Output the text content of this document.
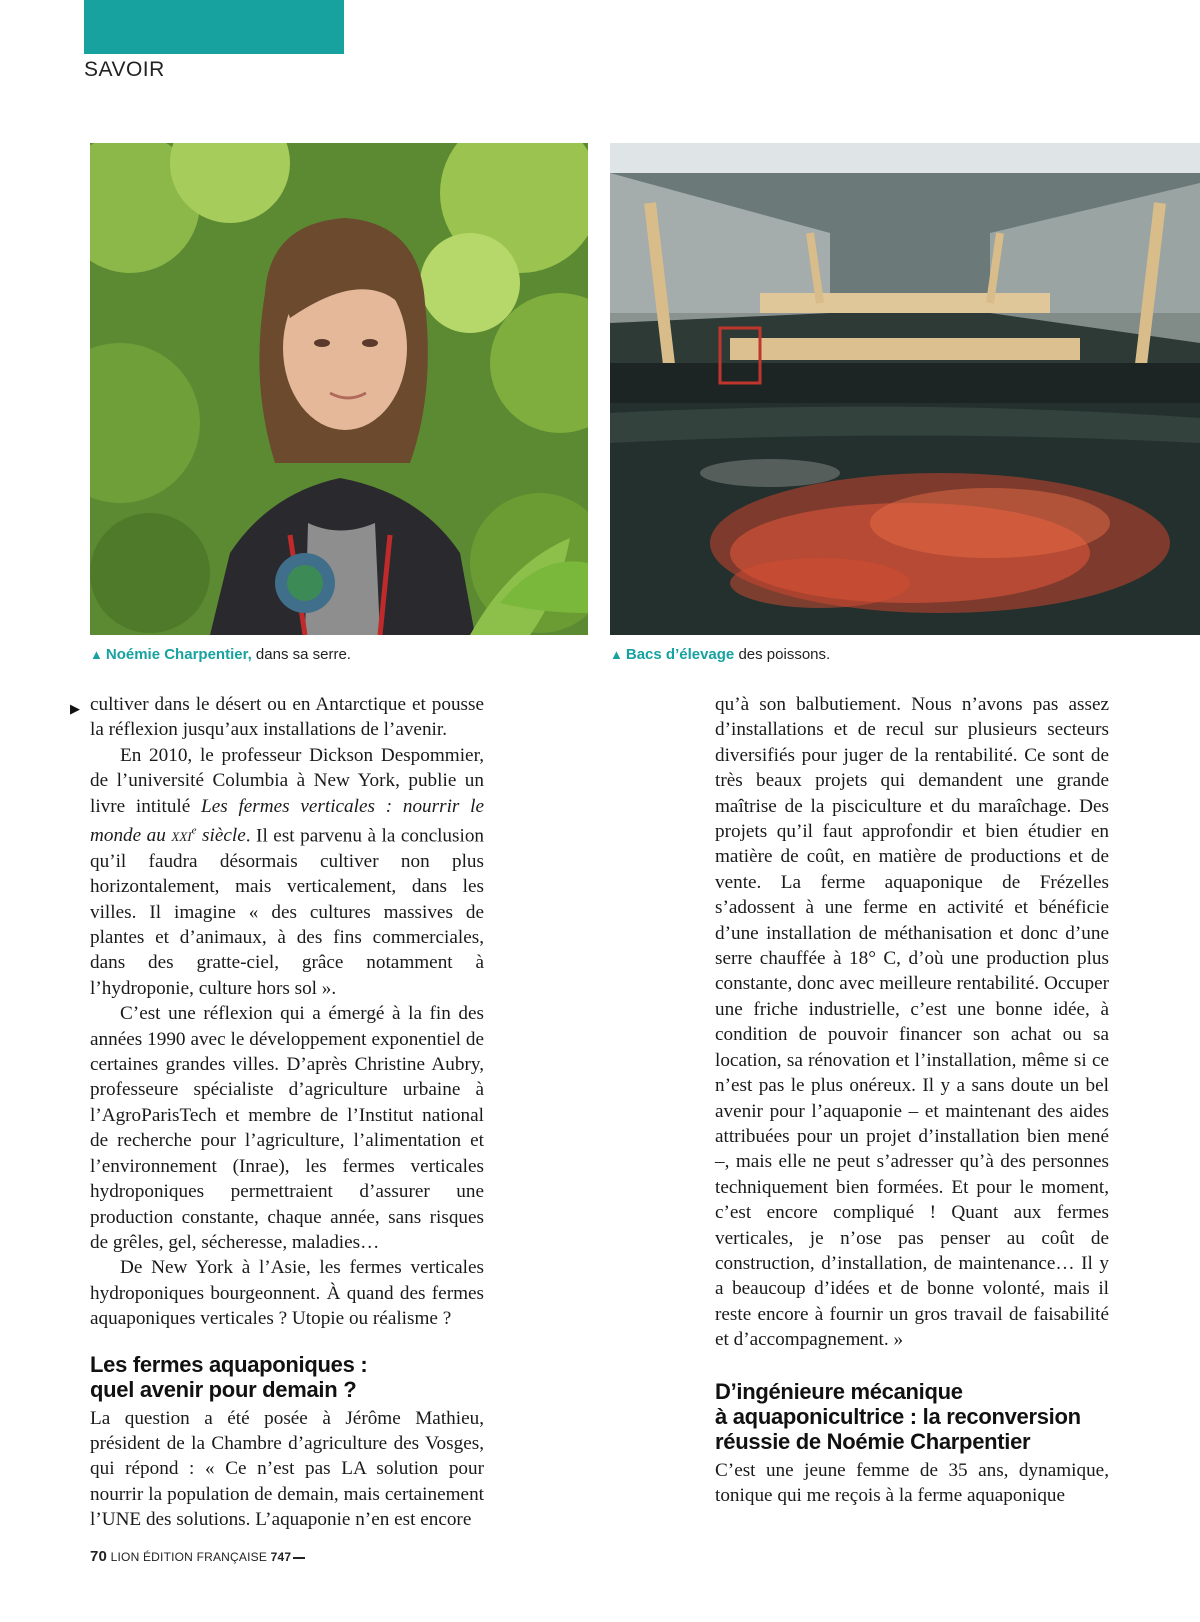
SAVOIR
▲ Noémie Charpentier, dans sa serre.	▲ Bacs d’élevage des poissons.
▶ cultiver dans le désert ou en Antarctique et pousse la réflexion jusqu’aux installations de l’avenir.

En 2010, le professeur Dickson Despommier, de l’université Columbia à New York, publie un livre intitulé Les fermes verticales : nourrir le monde au xxi$^e$ siècle. Il est parvenu à la conclusion qu’il faudra désormais cultiver non plus horizontalement, mais verticalement, dans les villes. Il imagine « des cultures massives de plantes et d’animaux, à des fins commerciales, dans des gratte-ciel, grâce notamment à l’hydroponie, culture hors sol ».

C’est une réflexion qui a émergé à la fin des années 1990 avec le développement exponentiel de certaines grandes villes. D’après Christine Aubry, professeure spécialiste d’agriculture urbaine à l’AgroParisTech et membre de l’Institut national de recherche pour l’agriculture, l’alimentation et l’environnement (Inrae), les fermes verticales hydroponiques permettraient d’assurer une production constante, chaque année, sans risques de grêles, gel, sécheresse, maladies…

De New York à l’Asie, les fermes verticales hydroponiques bourgeonnent. À quand des fermes aquaponiques verticales ? Utopie ou réalisme ?

Les fermes aquaponiques :
quel avenir pour demain ?

La question a été posée à Jérôme Mathieu, président de la Chambre d’agriculture des Vosges, qui répond : « Ce n’est pas LA solution pour nourrir la population de demain, mais certainement l’UNE des solutions. L’aquaponie n’en est encore

qu’à son balbutiement. Nous n’avons pas assez d’installations et de recul sur plusieurs secteurs diversifiés pour juger de la rentabilité. Ce sont de très beaux projets qui demandent une grande maîtrise de la pisciculture et du maraîchage. Des projets qu’il faut approfondir et bien étudier en matière de coût, en matière de productions et de vente. La ferme aquaponique de Frézelles s’adossent à une ferme en activité et bénéficie d’une installation de méthanisation et donc d’une serre chauffée à 18° C, d’où une production plus constante, donc avec meilleure rentabilité. Occuper une friche industrielle, c’est une bonne idée, à condition de pouvoir financer son achat ou sa location, sa rénovation et l’installation, même si ce n’est pas le plus onéreux. Il y a sans doute un bel avenir pour l’aquaponie – et maintenant des aides attribuées pour un projet d’installation bien mené –, mais elle ne peut s’adresser qu’à des personnes techniquement bien formées. Et pour le moment, c’est encore compliqué ! Quant aux fermes verticales, je n’ose pas penser au coût de construction, d’installation, de maintenance… Il y a beaucoup d’idées et de bonne volonté, mais il reste encore à fournir un gros travail de faisabilité et d’accompagnement. »

D’ingénieure mécanique
à aquaponicultrice : la reconversion
réussie de Noémie Charpentier

C’est une jeune femme de 35 ans, dynamique, tonique qui me reçois à la ferme aquaponique

70 LION ÉDITION FRANÇAISE 747
